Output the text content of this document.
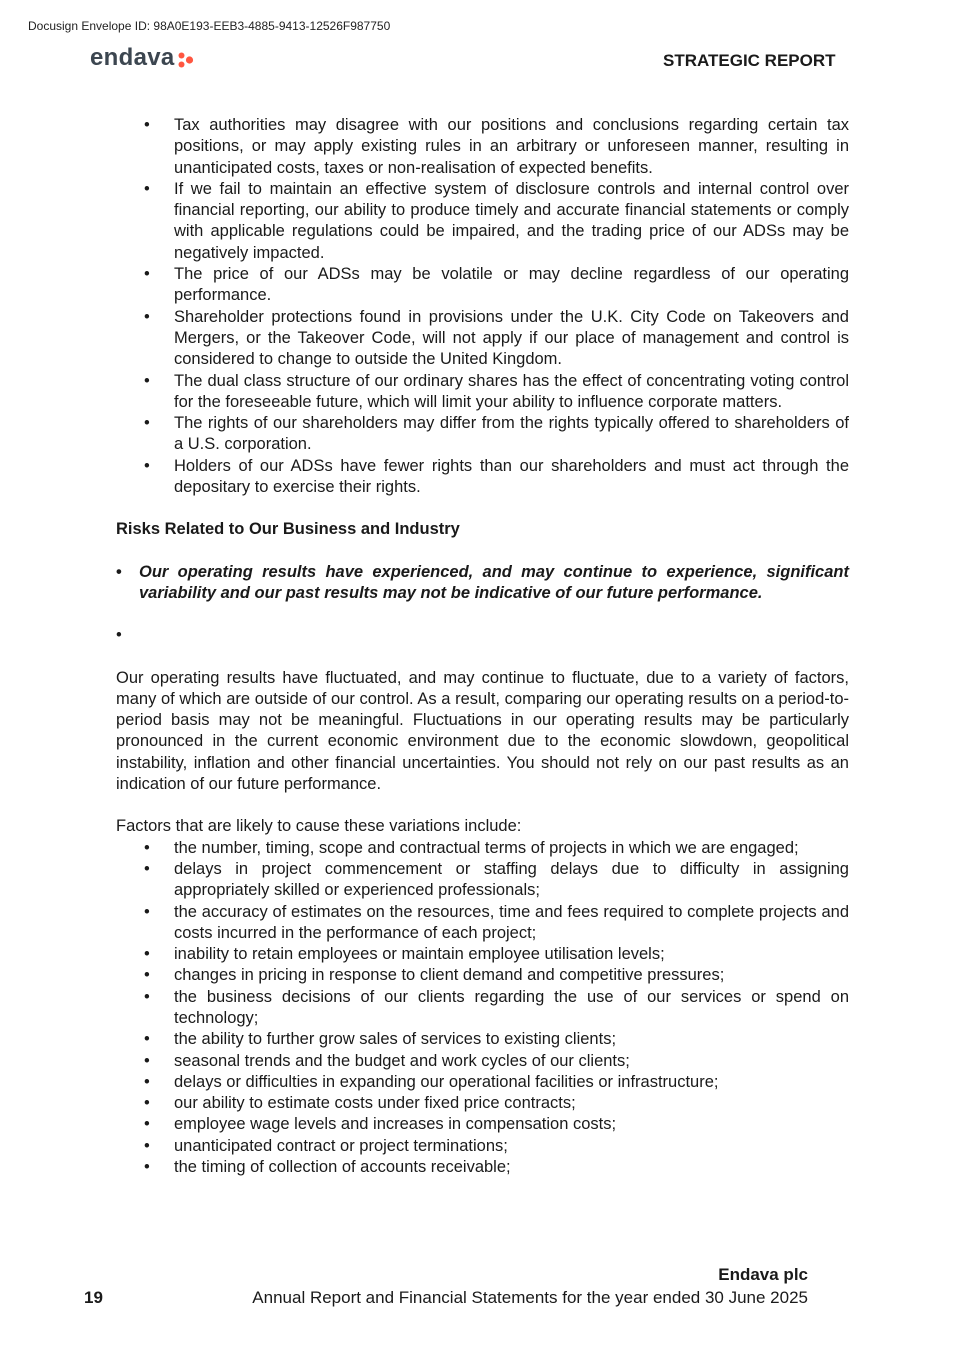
Docusign Envelope ID: 98A0E193-EEB3-4885-9413-12526F987750
endava	STRATEGIC REPORT
• Tax authorities may disagree with our positions and conclusions regarding certain tax positions, or may apply existing rules in an arbitrary or unforeseen manner, resulting in unanticipated costs, taxes or non-realisation of expected benefits.
• If we fail to maintain an effective system of disclosure controls and internal control over financial reporting, our ability to produce timely and accurate financial statements or comply with applicable regulations could be impaired, and the trading price of our ADSs may be negatively impacted.
• The price of our ADSs may be volatile or may decline regardless of our operating performance.
• Shareholder protections found in provisions under the U.K. City Code on Takeovers and Mergers, or the Takeover Code, will not apply if our place of management and control is considered to change to outside the United Kingdom.
• The dual class structure of our ordinary shares has the effect of concentrating voting control for the foreseeable future, which will limit your ability to influence corporate matters.
• The rights of our shareholders may differ from the rights typically offered to shareholders of a U.S. corporation.
• Holders of our ADSs have fewer rights than our shareholders and must act through the depositary to exercise their rights.
Risks Related to Our Business and Industry
• Our operating results have experienced, and may continue to experience, significant variability and our past results may not be indicative of our future performance.
•

Our operating results have fluctuated, and may continue to fluctuate, due to a variety of factors, many of which are outside of our control. As a result, comparing our operating results on a period-to-period basis may not be meaningful. Fluctuations in our operating results may be particularly pronounced in the current economic environment due to the economic slowdown, geopolitical instability, inflation and other financial uncertainties. You should not rely on our past results as an indication of our future performance.

Factors that are likely to cause these variations include:

• the number, timing, scope and contractual terms of projects in which we are engaged;
• delays in project commencement or staffing delays due to difficulty in assigning appropriately skilled or experienced professionals;
• the accuracy of estimates on the resources, time and fees required to complete projects and costs incurred in the performance of each project;
• inability to retain employees or maintain employee utilisation levels;
• changes in pricing in response to client demand and competitive pressures;
• the business decisions of our clients regarding the use of our services or spend on technology;
• the ability to further grow sales of services to existing clients;
• seasonal trends and the budget and work cycles of our clients;
• delays or difficulties in expanding our operational facilities or infrastructure;
• our ability to estimate costs under fixed price contracts;
• employee wage levels and increases in compensation costs;
• unanticipated contract or project terminations;
• the timing of collection of accounts receivable;
Endava plc
19	Annual Report and Financial Statements for the year ended 30 June 2025
